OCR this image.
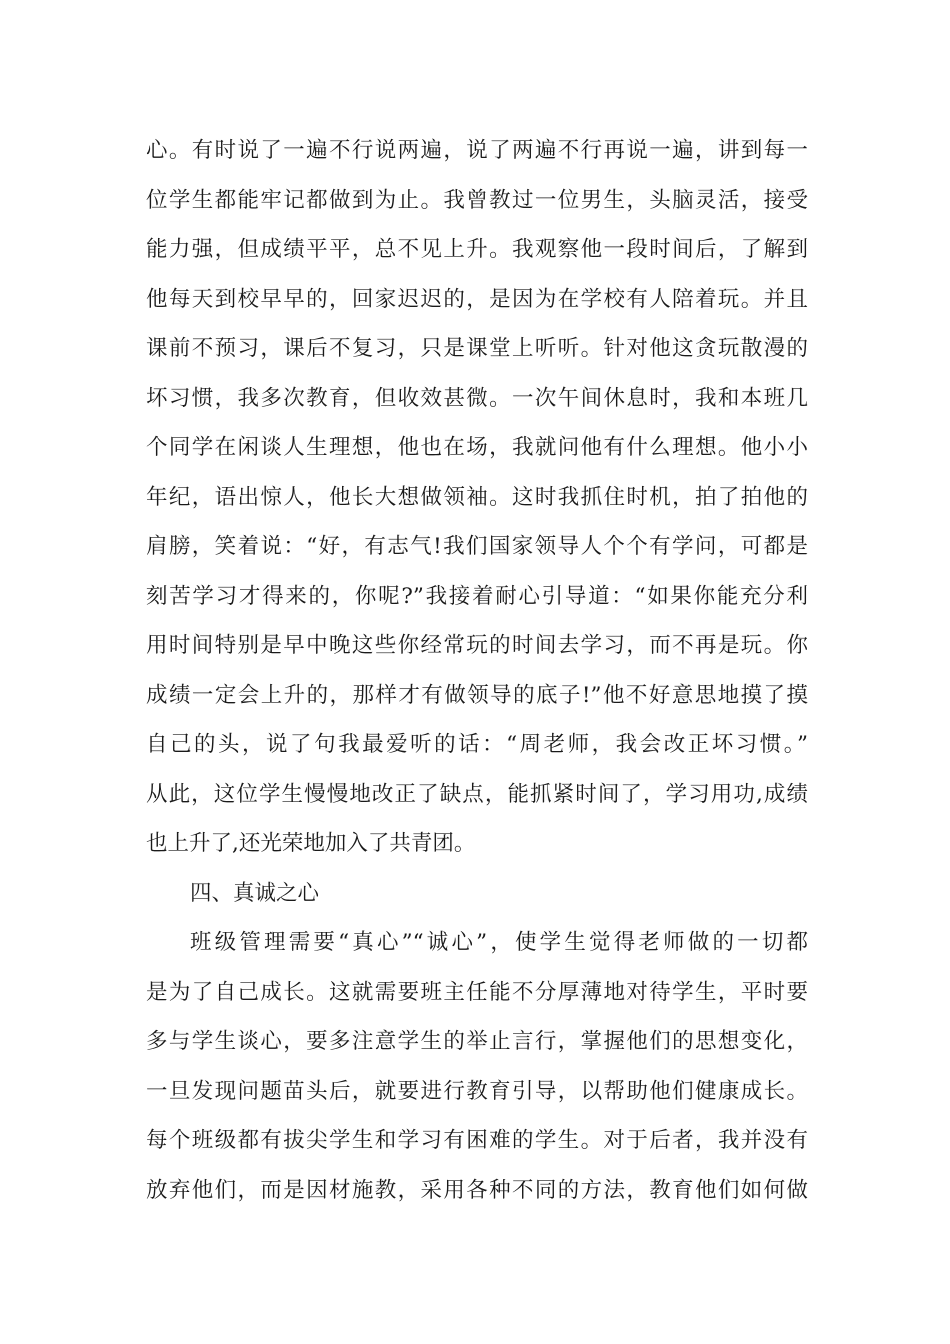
心。有时说了一遍不行说两遍，说了两遍不行再说一遍，讲到每一
位学生都能牢记都做到为止。我曾教过一位男生，头脑灵活，接受
能力强，但成绩平平，总不见上升。我观察他一段时间后，了解到
他每天到校早早的，回家迟迟的，是因为在学校有人陪着玩。并且
课前不预习，课后不复习，只是课堂上听听。针对他这贪玩散漫的
坏习惯，我多次教育，但收效甚微。一次午间休息时，我和本班几
个同学在闲谈人生理想，他也在场，我就问他有什么理想。他小小
年纪，语出惊人，他长大想做领袖。这时我抓住时机，拍了拍他的
肩膀，笑着说：“好，有志气!我们国家领导人个个有学问，可都是
刻苦学习才得来的，你呢?”我接着耐心引导道：“如果你能充分利
用时间特别是早中晚这些你经常玩的时间去学习，而不再是玩。你
成绩一定会上升的，那样才有做领导的底子!”他不好意思地摸了摸
自己的头，说了句我最爱听的话：“周老师，我会改正坏习惯。”
从此，这位学生慢慢地改正了缺点，能抓紧时间了，学习用功,成绩
也上升了,还光荣地加入了共青团。
四、真诚之心
班级管理需要“真心”“诚心”，使学生觉得老师做的一切都
是为了自己成长。这就需要班主任能不分厚薄地对待学生，平时要
多与学生谈心，要多注意学生的举止言行，掌握他们的思想变化，
一旦发现问题苗头后，就要进行教育引导，以帮助他们健康成长。
每个班级都有拔尖学生和学习有困难的学生。对于后者，我并没有
放弃他们，而是因材施教，采用各种不同的方法，教育他们如何做
